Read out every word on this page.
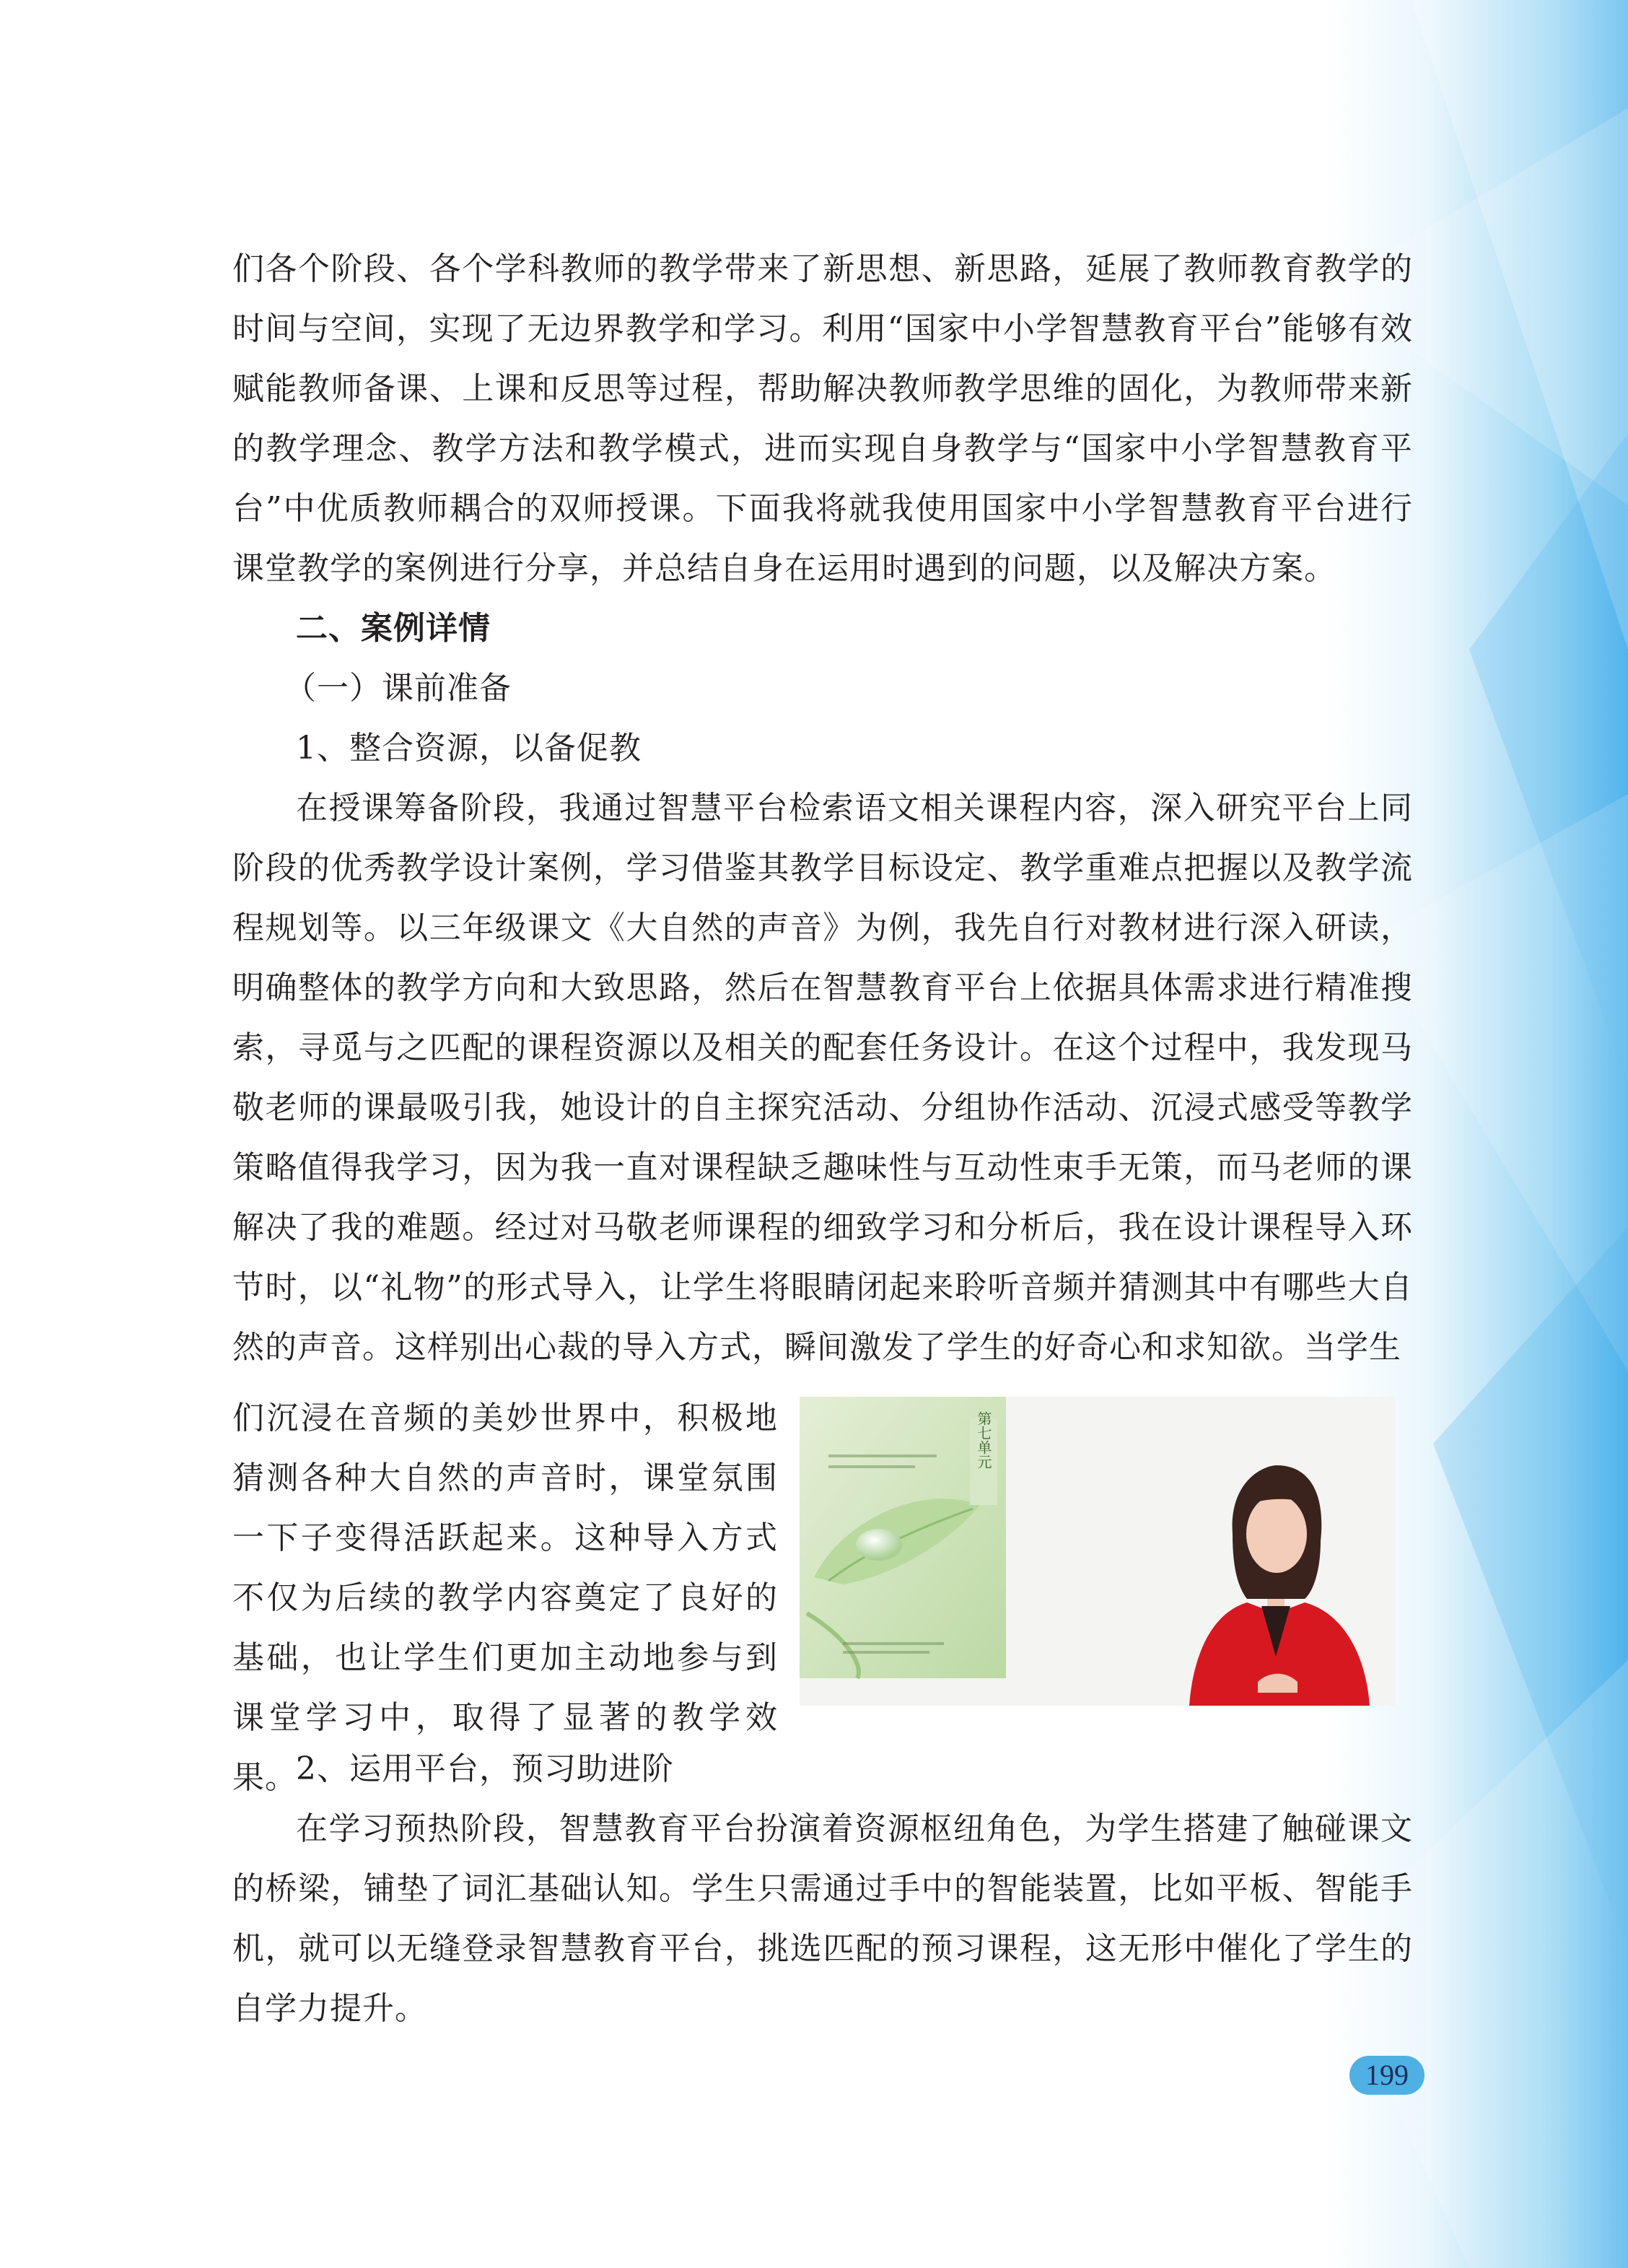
们各个阶段、各个学科教师的教学带来了新思想、新思路，延展了教师教育教学的时间与空间，实现了无边界教学和学习。利用“国家中小学智慧教育平台”能够有效赋能教师备课、上课和反思等过程，帮助解决教师教学思维的固化，为教师带来新的教学理念、教学方法和教学模式，进而实现自身教学与“国家中小学智慧教育平台”中优质教师耦合的双师授课。下面我将就我使用国家中小学智慧教育平台进行课堂教学的案例进行分享，并总结自身在运用时遇到的问题，以及解决方案。

二、案例详情

（一）课前准备

1、整合资源，以备促教

在授课筹备阶段，我通过智慧平台检索语文相关课程内容，深入研究平台上同阶段的优秀教学设计案例，学习借鉴其教学目标设定、教学重难点把握以及教学流程规划等。以三年级课文《大自然的声音》为例，我先自行对教材进行深入研读，明确整体的教学方向和大致思路，然后在智慧教育平台上依据具体需求进行精准搜索，寻觅与之匹配的课程资源以及相关的配套任务设计。在这个过程中，我发现马敬老师的课最吸引我，她设计的自主探究活动、分组协作活动、沉浸式感受等教学策略值得我学习，因为我一直对课程缺乏趣味性与互动性束手无策，而马老师的课解决了我的难题。经过对马敬老师课程的细致学习和分析后，我在设计课程导入环节时，以“礼物”的形式导入，让学生将眼睛闭起来聆听音频并猜测其中有哪些大自然的声音。这样别出心裁的导入方式，瞬间激发了学生的好奇心和求知欲。当学生

们沉浸在音频的美妙世界中，积极地猜测各种大自然的声音时，课堂氛围一下子变得活跃起来。这种导入方式不仅为后续的教学内容奠定了良好的基础，也让学生们更加主动地参与到课堂学习中，取得了显著的教学效果。

第七单元

2、运用平台，预习助进阶

在学习预热阶段，智慧教育平台扮演着资源枢纽角色，为学生搭建了触碰课文的桥梁，铺垫了词汇基础认知。学生只需通过手中的智能装置，比如平板、智能手机，就可以无缝登录智慧教育平台，挑选匹配的预习课程，这无形中催化了学生的自学力提升。

199
